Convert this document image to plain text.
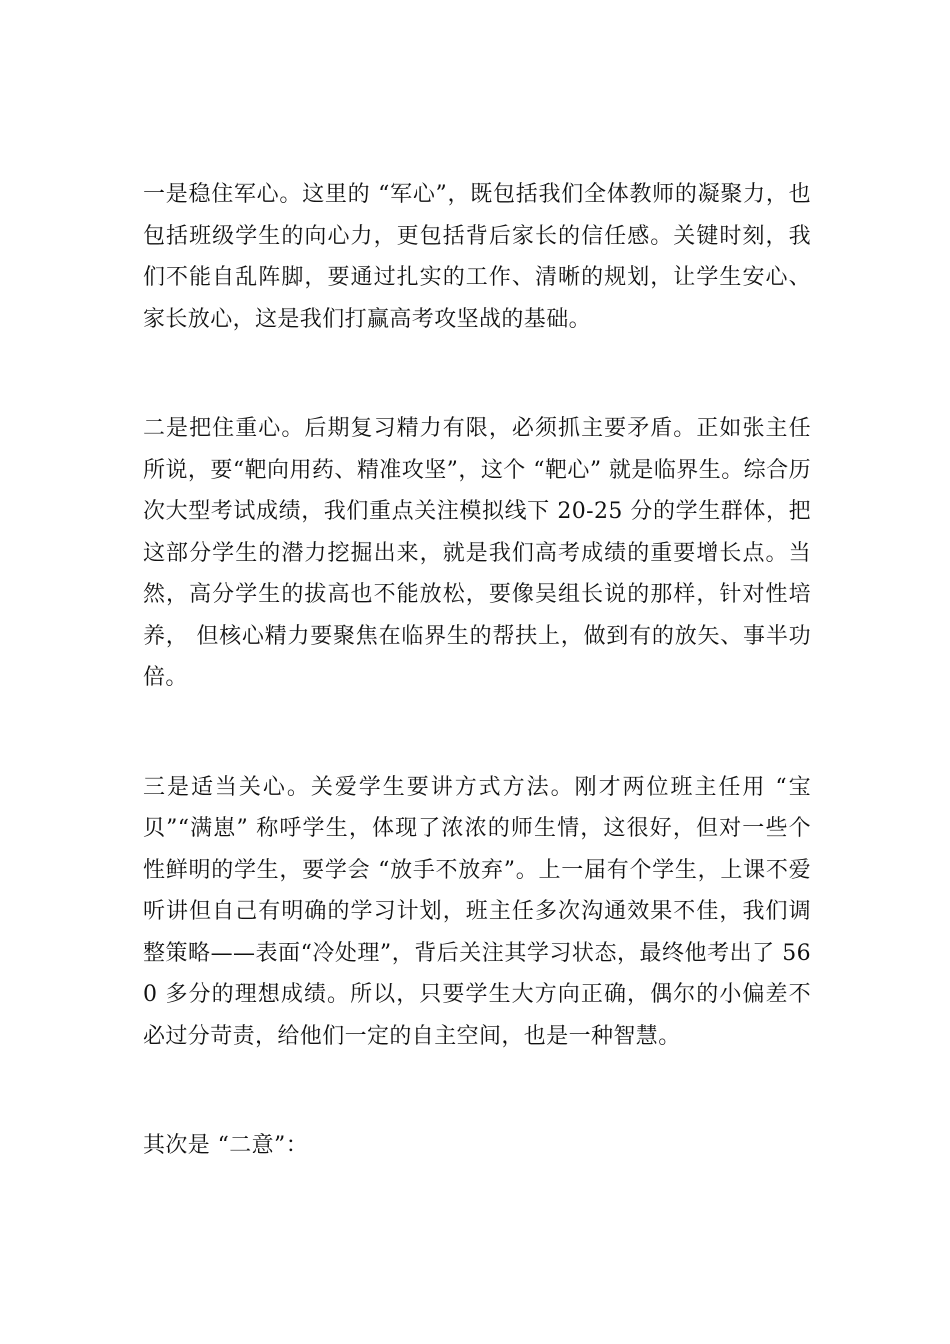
一是稳住军心。这里的 “军心”，既包括我们全体教师的凝聚力，也包括班级学生的向心力，更包括背后家长的信任感。关键时刻，我们不能自乱阵脚，要通过扎实的工作、清晰的规划，让学生安心、家长放心，这是我们打赢高考攻坚战的基础。

二是把住重心。后期复习精力有限，必须抓主要矛盾。正如张主任所说，要“靶向用药、精准攻坚”，这个 “靶心” 就是临界生。综合历次大型考试成绩，我们重点关注模拟线下 20-25 分的学生群体，把这部分学生的潜力挖掘出来，就是我们高考成绩的重要增长点。当然，高分学生的拔高也不能放松，要像吴组长说的那样，针对性培养， 但核心精力要聚焦在临界生的帮扶上，做到有的放矢、事半功倍。

三是适当关心。关爱学生要讲方式方法。刚才两位班主任用 “宝贝”“满崽” 称呼学生，体现了浓浓的师生情，这很好，但对一些个性鲜明的学生，要学会 “放手不放弃”。上一届有个学生，上课不爱听讲但自己有明确的学习计划，班主任多次沟通效果不佳，我们调整策略——表面“冷处理”，背后关注其学习状态，最终他考出了 560 多分的理想成绩。所以，只要学生大方向正确，偶尔的小偏差不必过分苛责，给他们一定的自主空间，也是一种智慧。

其次是 “二意”：
